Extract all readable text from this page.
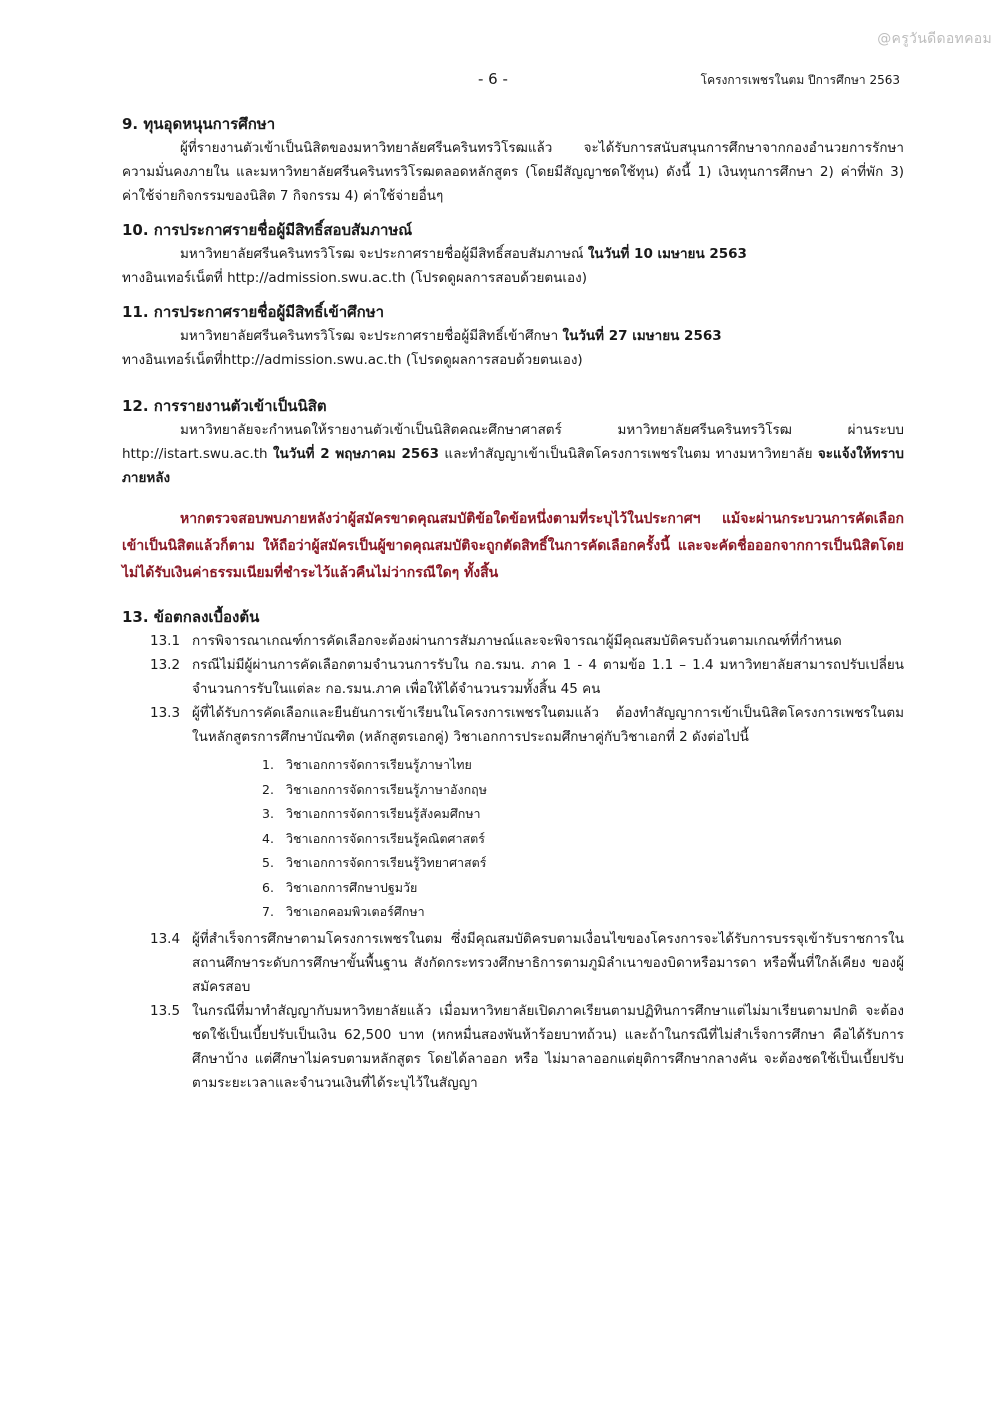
@ครูวันดีดอทคอม
- 6 -	โครงการเพชรในตม ปีการศึกษา 2563

9. ทุนอุดหนุนการศึกษา

ผู้ที่รายงานตัวเข้าเป็นนิสิตของมหาวิทยาลัยศรีนครินทรวิโรฒแล้ว จะได้รับการสนับสนุนการศึกษาจากกองอำนวยการรักษาความมั่นคงภายใน และมหาวิทยาลัยศรีนครินทรวิโรฒตลอดหลักสูตร (โดยมีสัญญาชดใช้ทุน) ดังนี้ 1) เงินทุนการศึกษา 2) ค่าที่พัก 3) ค่าใช้จ่ายกิจกรรมของนิสิต 7 กิจกรรม 4) ค่าใช้จ่ายอื่นๆ

10. การประกาศรายชื่อผู้มีสิทธิ์สอบสัมภาษณ์

มหาวิทยาลัยศรีนครินทรวิโรฒ จะประกาศรายชื่อผู้มีสิทธิ์สอบสัมภาษณ์ ในวันที่ 10 เมษายน 2563
ทางอินเทอร์เน็ตที่ http://admission.swu.ac.th (โปรดดูผลการสอบด้วยตนเอง)

11. การประกาศรายชื่อผู้มีสิทธิ์เข้าศึกษา

มหาวิทยาลัยศรีนครินทรวิโรฒ จะประกาศรายชื่อผู้มีสิทธิ์เข้าศึกษา ในวันที่ 27 เมษายน 2563
ทางอินเทอร์เน็ตที่http://admission.swu.ac.th (โปรดดูผลการสอบด้วยตนเอง)

12. การรายงานตัวเข้าเป็นนิสิต

มหาวิทยาลัยจะกำหนดให้รายงานตัวเข้าเป็นนิสิตคณะศึกษาศาสตร์ มหาวิทยาลัยศรีนครินทรวิโรฒ ผ่านระบบ http://istart.swu.ac.th ในวันที่ 2 พฤษภาคม 2563 และทำสัญญาเข้าเป็นนิสิตโครงการเพชรในตม ทางมหาวิทยาลัย จะแจ้งให้ทราบภายหลัง

หากตรวจสอบพบภายหลังว่าผู้สมัครขาดคุณสมบัติข้อใดข้อหนึ่งตามที่ระบุไว้ในประกาศฯ แม้จะผ่านกระบวนการคัดเลือกเข้าเป็นนิสิตแล้วก็ตาม ให้ถือว่าผู้สมัครเป็นผู้ขาดคุณสมบัติจะถูกตัดสิทธิ์ในการคัดเลือกครั้งนี้ และจะคัดชื่อออกจากการเป็นนิสิตโดยไม่ได้รับเงินค่าธรรมเนียมที่ชำระไว้แล้วคืนไม่ว่ากรณีใดๆ ทั้งสิ้น

13. ข้อตกลงเบื้องต้น

13.1 การพิจารณาเกณฑ์การคัดเลือกจะต้องผ่านการสัมภาษณ์และจะพิจารณาผู้มีคุณสมบัติครบถ้วนตามเกณฑ์ที่กำหนด
13.2 กรณีไม่มีผู้ผ่านการคัดเลือกตามจำนวนการรับใน กอ.รมน. ภาค 1 - 4 ตามข้อ 1.1 – 1.4 มหาวิทยาลัยสามารถปรับเปลี่ยนจำนวนการรับในแต่ละ กอ.รมน.ภาค เพื่อให้ได้จำนวนรวมทั้งสิ้น 45 คน
13.3 ผู้ที่ได้รับการคัดเลือกและยืนยันการเข้าเรียนในโครงการเพชรในตมแล้ว ต้องทำสัญญาการเข้าเป็นนิสิตโครงการเพชรในตม ในหลักสูตรการศึกษาบัณฑิต (หลักสูตรเอกคู่) วิชาเอกการประถมศึกษาคู่กับวิชาเอกที่ 2 ดังต่อไปนี้
1. วิชาเอกการจัดการเรียนรู้ภาษาไทย
2. วิชาเอกการจัดการเรียนรู้ภาษาอังกฤษ
3. วิชาเอกการจัดการเรียนรู้สังคมศึกษา
4. วิชาเอกการจัดการเรียนรู้คณิตศาสตร์
5. วิชาเอกการจัดการเรียนรู้วิทยาศาสตร์
6. วิชาเอกการศึกษาปฐมวัย
7. วิชาเอกคอมพิวเตอร์ศึกษา
13.4 ผู้ที่สำเร็จการศึกษาตามโครงการเพชรในตม ซึ่งมีคุณสมบัติครบตามเงื่อนไขของโครงการจะได้รับการบรรจุเข้ารับราชการในสถานศึกษาระดับการศึกษาขั้นพื้นฐาน สังกัดกระทรวงศึกษาธิการตามภูมิลำเนาของบิดาหรือมารดา หรือพื้นที่ใกล้เคียง ของผู้สมัครสอบ
13.5 ในกรณีที่มาทำสัญญากับมหาวิทยาลัยแล้ว เมื่อมหาวิทยาลัยเปิดภาคเรียนตามปฏิทินการศึกษาแต่ไม่มาเรียนตามปกติ จะต้องชดใช้เป็นเบี้ยปรับเป็นเงิน 62,500 บาท (หกหมื่นสองพันห้าร้อยบาทถ้วน) และถ้าในกรณีที่ไม่สำเร็จการศึกษา คือได้รับการศึกษาบ้าง แต่ศึกษาไม่ครบตามหลักสูตร โดยได้ลาออก หรือ ไม่มาลาออกแต่ยุติการศึกษากลางคัน จะต้องชดใช้เป็นเบี้ยปรับตามระยะเวลาและจำนวนเงินที่ได้ระบุไว้ในสัญญา
